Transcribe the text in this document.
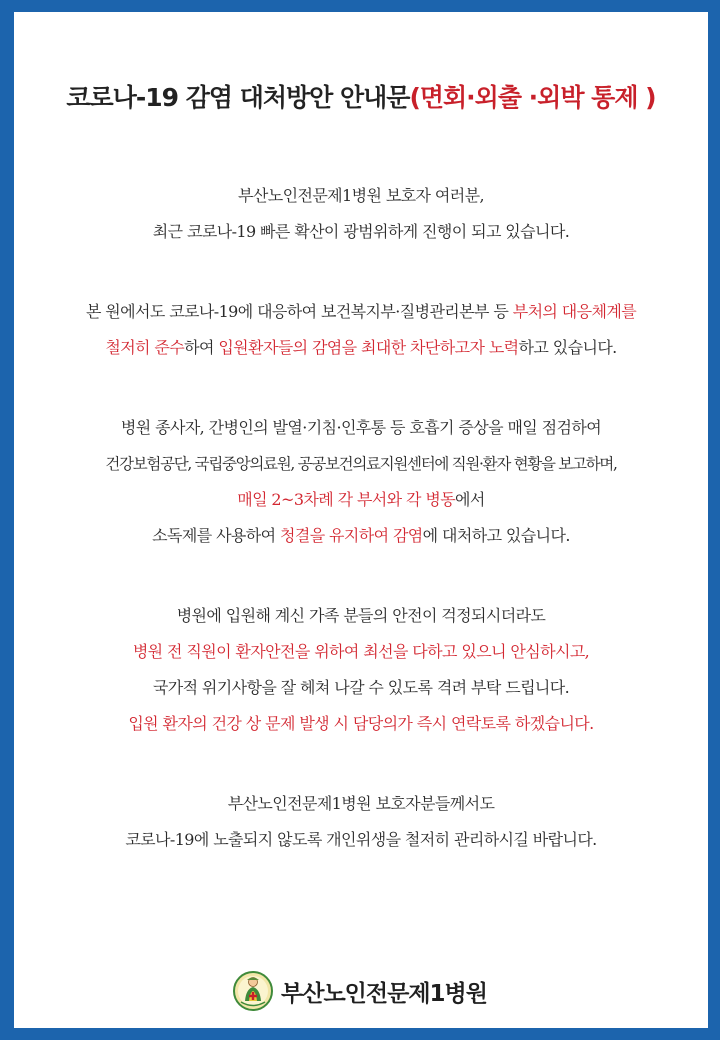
코로나-19 감염 대처방안 안내문(면회·외출 ·외박 통제 )
부산노인전문제1병원 보호자 여러분,
최근 코로나-19 빠른 확산이 광범위하게 진행이 되고 있습니다.
본 원에서도 코로나-19에 대응하여 보건복지부·질병관리본부 등 부처의 대응체계를
철저히 준수하여 입원환자들의 감염을 최대한 차단하고자 노력하고 있습니다.
병원 종사자, 간병인의 발열·기침·인후통 등 호흡기 증상을 매일 점검하여
건강보험공단, 국립중앙의료원, 공공보건의료지원센터에 직원·환자 현황을 보고하며,
매일 2~3차례 각 부서와 각 병동에서
소독제를 사용하여 청결을 유지하여 감염에 대처하고 있습니다.
병원에 입원해 계신 가족 분들의 안전이 걱정되시더라도
병원 전 직원이 환자안전을 위하여 최선을 다하고 있으니 안심하시고,
국가적 위기사항을 잘 헤쳐 나갈 수 있도록 격려 부탁 드립니다.
입원 환자의 건강 상 문제 발생 시 담당의가 즉시 연락토록 하겠습니다.
부산노인전문제1병원 보호자분들께서도
코로나-19에 노출되지 않도록 개인위생을 철저히 관리하시길 바랍니다.
부산노인전문제1병원
